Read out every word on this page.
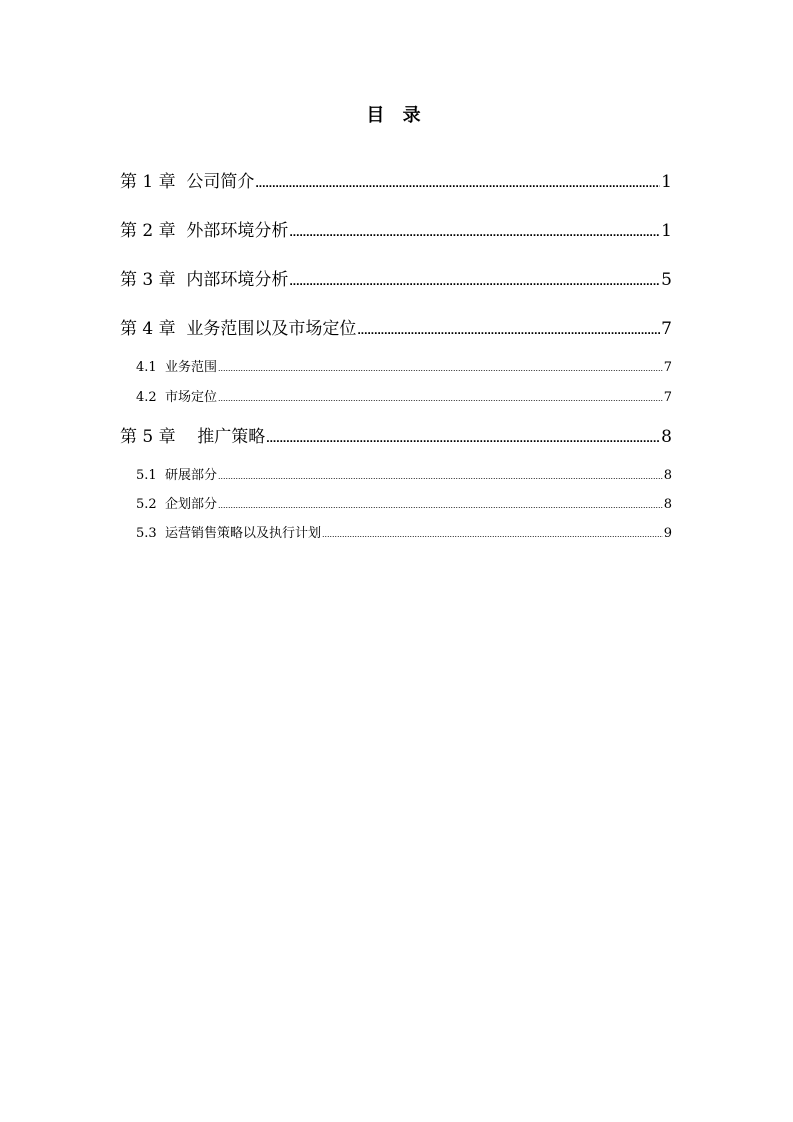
目 录
第 1 章  公司简介 .....	1
第 2 章  外部环境分析 .....	1
第 3 章  内部环境分析 .....	5
第 4 章  业务范围以及市场定位 .....	7
4.1  业务范围 .....	7
4.2  市场定位 .....	7
第 5 章    推广策略 .....	8
5.1  研展部分 .....	8
5.2  企划部分 .....	8
5.3  运营销售策略以及执行计划 .....	9
